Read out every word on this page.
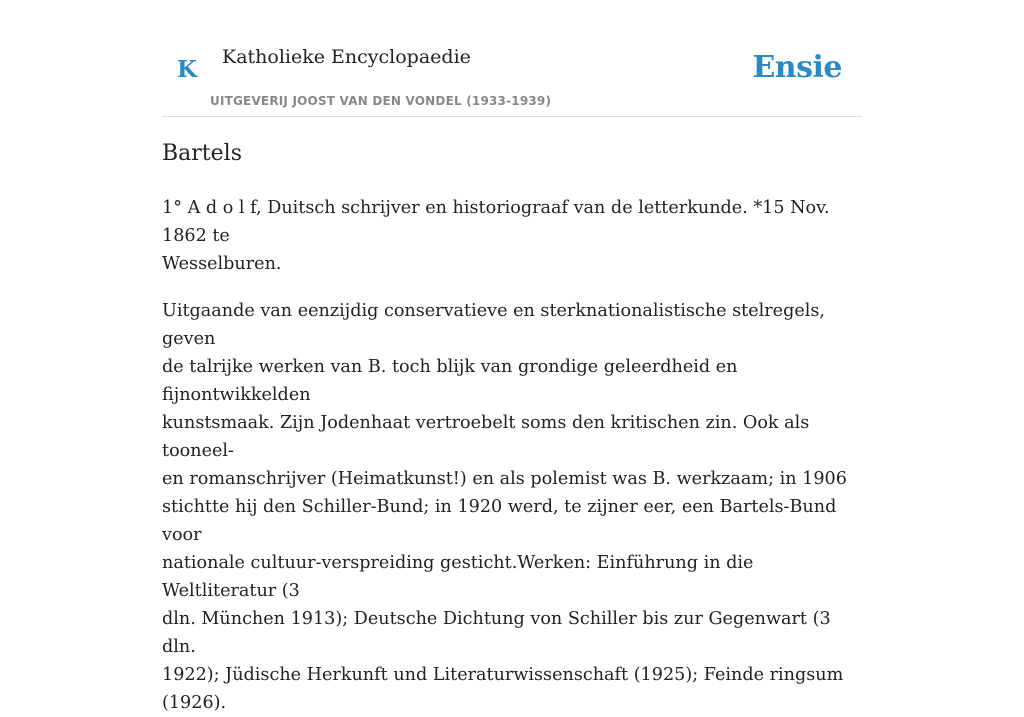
K Katholieke Encyclopaedie
UITGEVERIJ JOOST VAN DEN VONDEL (1933-1939)
Ensie
Bartels

1° A d o l f, Duitsch schrijver en historiograaf van de letterkunde. *15 Nov. 1862 te
Wesselburen.

Uitgaande van eenzijdig conservatieve en sterknationalistische stelregels, geven
de talrijke werken van B. toch blijk van grondige geleerdheid en fijnontwikkelden
kunstsmaak. Zijn Jodenhaat vertroebelt soms den kritischen zin. Ook als tooneel-
en romanschrijver (Heimatkunst!) en als polemist was B. werkzaam; in 1906
stichtte hij den Schiller-Bund; in 1920 werd, te zijner eer, een Bartels-Bund voor
nationale cultuur-verspreiding gesticht.Werken: Einführung in die Weltliteratur (3
dln. München 1913); Deutsche Dichtung von Schiller bis zur Gegenwart (3 dln.
1922); Jüdische Herkunft und Literaturwissenschaft (1925); Feinde ringsum (1926).
